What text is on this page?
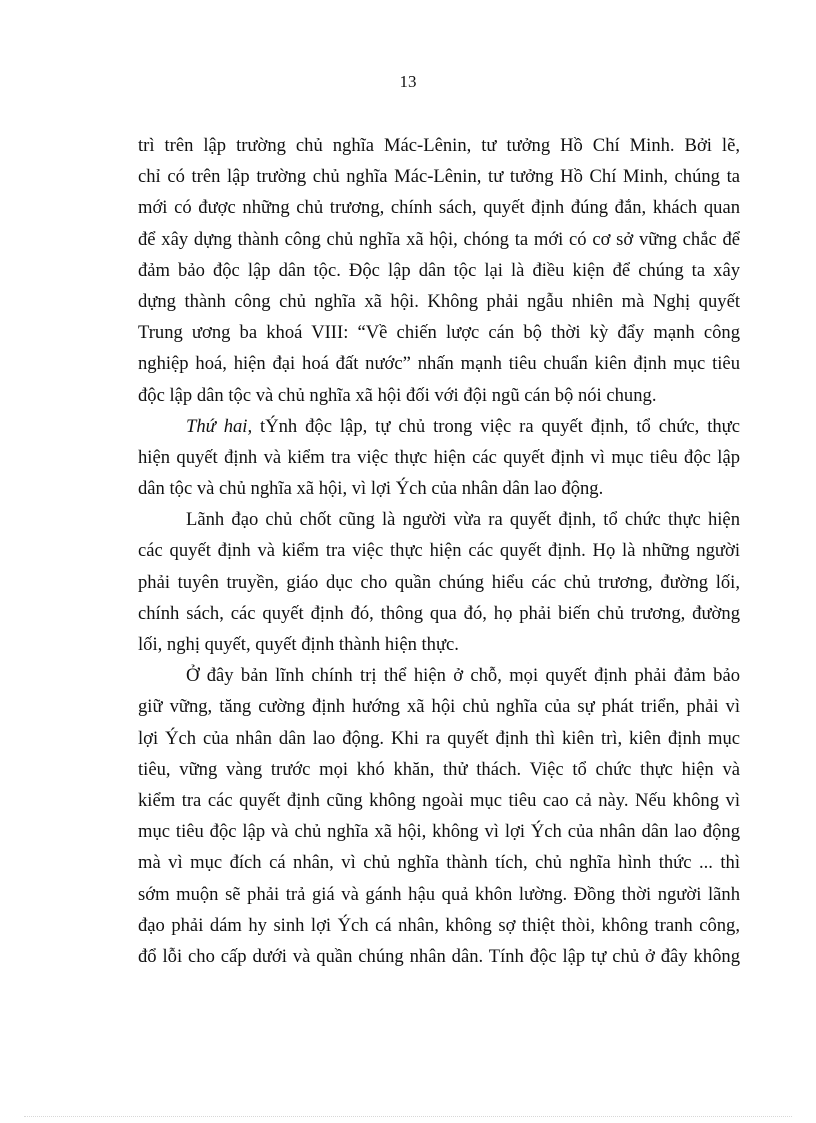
13
trì trên lập trường chủ nghĩa Mác-Lênin, tư tưởng Hồ Chí Minh. Bởi lẽ,
chỉ có trên lập trường chủ nghĩa Mác-Lênin, tư tưởng Hồ Chí Minh, chúng ta
mới có được những chủ trương, chính sách, quyết định đúng đắn, khách quan
để xây dựng thành công chủ nghĩa xã hội, chóng ta mới có cơ sở vững chắc để
đảm bảo độc lập dân tộc. Độc lập dân tộc lại là điều kiện để chúng ta xây
dựng thành công chủ nghĩa xã hội. Không phải ngẫu nhiên mà Nghị quyết
Trung ương ba khoá VIII: “Về chiến lược cán bộ thời kỳ đẩy mạnh công
nghiệp hoá, hiện đại hoá đất nước” nhấn mạnh tiêu chuẩn kiên định mục tiêu
độc lập dân tộc và chủ nghĩa xã hội đối với đội ngũ cán bộ nói chung.
Thứ hai, tÝnh độc lập, tự chủ trong việc ra quyết định, tổ chức, thực
hiện quyết định và kiểm tra việc thực hiện các quyết định vì mục tiêu độc lập
dân tộc và chủ nghĩa xã hội, vì lợi Ých của nhân dân lao động.
Lãnh đạo chủ chốt cũng là người vừa ra quyết định, tổ chức thực hiện
các quyết định và kiểm tra việc thực hiện các quyết định. Họ là những người
phải tuyên truyền, giáo dục cho quần chúng hiểu các chủ trương, đường lối,
chính sách, các quyết định đó, thông qua đó, họ phải biến chủ trương, đường
lối, nghị quyết, quyết định thành hiện thực.
Ở đây bản lĩnh chính trị thể hiện ở chỗ, mọi quyết định phải đảm bảo
giữ vững, tăng cường định hướng xã hội chủ nghĩa của sự phát triển, phải vì
lợi Ých của nhân dân lao động. Khi ra quyết định thì kiên trì, kiên định mục
tiêu, vững vàng trước mọi khó khăn, thử thách. Việc tổ chức thực hiện và
kiểm tra các quyết định cũng không ngoài mục tiêu cao cả này. Nếu không vì
mục tiêu độc lập và chủ nghĩa xã hội, không vì lợi Ých của nhân dân lao động
mà vì mục đích cá nhân, vì chủ nghĩa thành tích, chủ nghĩa hình thức ... thì
sớm muộn sẽ phải trả giá và gánh hậu quả khôn lường. Đồng thời người lãnh
đạo phải dám hy sinh lợi Ých cá nhân, không sợ thiệt thòi, không tranh công,
đổ lỗi cho cấp dưới và quần chúng nhân dân. Tính độc lập tự chủ ở đây không
